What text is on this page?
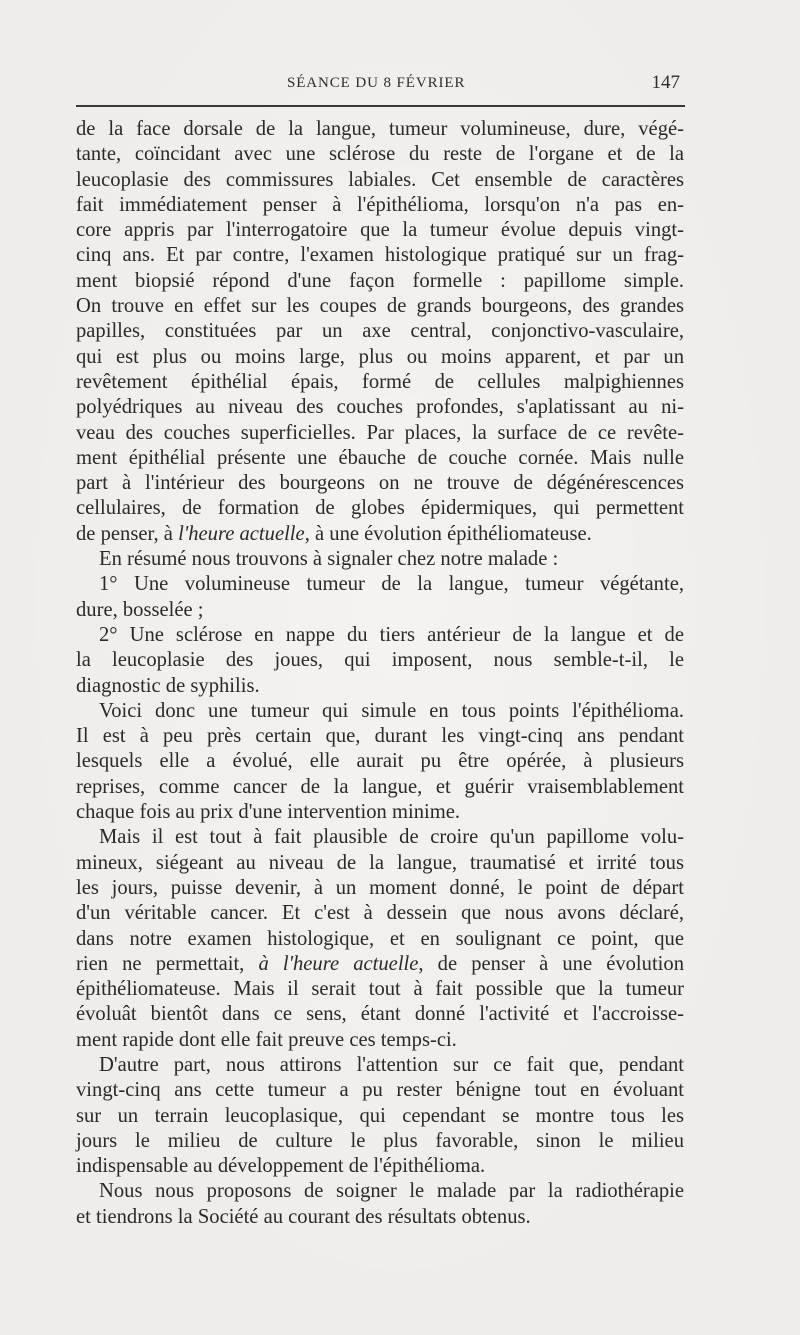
SÉANCE DU 8 FÉVRIER	147
de la face dorsale de la langue, tumeur volumineuse, dure, végé-
tante, coïncidant avec une sclérose du reste de l'organe et de la
leucoplasie des commissures labiales. Cet ensemble de caractères
fait immédiatement penser à l'épithélioma, lorsqu'on n'a pas en-
core appris par l'interrogatoire que la tumeur évolue depuis vingt-
cinq ans. Et par contre, l'examen histologique pratiqué sur un frag-
ment biopsié répond d'une façon formelle : papillome simple.
On trouve en effet sur les coupes de grands bourgeons, des grandes
papilles, constituées par un axe central, conjonctivo-vasculaire,
qui est plus ou moins large, plus ou moins apparent, et par un
revêtement épithélial épais, formé de cellules malpighiennes
polyédriques au niveau des couches profondes, s'aplatissant au ni-
veau des couches superficielles. Par places, la surface de ce revête-
ment épithélial présente une ébauche de couche cornée. Mais nulle
part à l'intérieur des bourgeons on ne trouve de dégénérescences
cellulaires, de formation de globes épidermiques, qui permettent
de penser, à l'heure actuelle, à une évolution épithéliomateuse.
En résumé nous trouvons à signaler chez notre malade :
1° Une volumineuse tumeur de la langue, tumeur végétante,
dure, bosselée ;
2° Une sclérose en nappe du tiers antérieur de la langue et de
la leucoplasie des joues, qui imposent, nous semble-t-il, le
diagnostic de syphilis.
Voici donc une tumeur qui simule en tous points l'épithélioma.
Il est à peu près certain que, durant les vingt-cinq ans pendant
lesquels elle a évolué, elle aurait pu être opérée, à plusieurs
reprises, comme cancer de la langue, et guérir vraisemblablement
chaque fois au prix d'une intervention minime.
Mais il est tout à fait plausible de croire qu'un papillome volu-
mineux, siégeant au niveau de la langue, traumatisé et irrité tous
les jours, puisse devenir, à un moment donné, le point de départ
d'un véritable cancer. Et c'est à dessein que nous avons déclaré,
dans notre examen histologique, et en soulignant ce point, que
rien ne permettait, à l'heure actuelle, de penser à une évolution
épithéliomateuse. Mais il serait tout à fait possible que la tumeur
évoluât bientôt dans ce sens, étant donné l'activité et l'accroisse-
ment rapide dont elle fait preuve ces temps-ci.
D'autre part, nous attirons l'attention sur ce fait que, pendant
vingt-cinq ans cette tumeur a pu rester bénigne tout en évoluant
sur un terrain leucoplasique, qui cependant se montre tous les
jours le milieu de culture le plus favorable, sinon le milieu
indispensable au développement de l'épithélioma.
Nous nous proposons de soigner le malade par la radiothérapie
et tiendrons la Société au courant des résultats obtenus.
